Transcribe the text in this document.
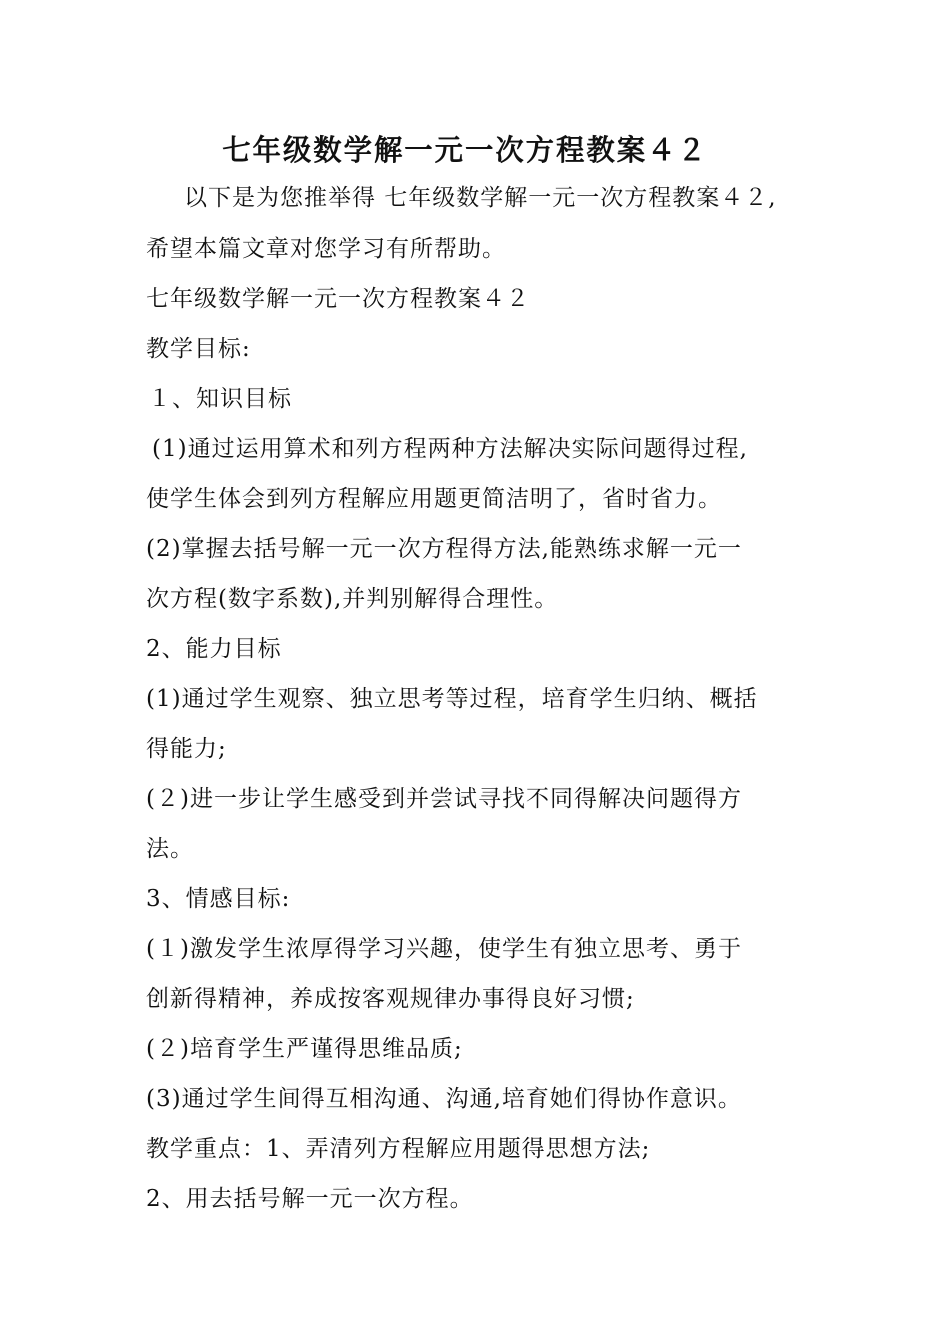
七年级数学解一元一次方程教案４２
以下是为您推举得 七年级数学解一元一次方程教案４２,
希望本篇文章对您学习有所帮助。
七年级数学解一元一次方程教案４２
教学目标:
１、知识目标
(1)通过运用算术和列方程两种方法解决实际问题得过程,
使学生体会到列方程解应用题更简洁明了，省时省力。
(2)掌握去括号解一元一次方程得方法,能熟练求解一元一
次方程(数字系数),并判别解得合理性。
2、能力目标
(1)通过学生观察、独立思考等过程，培育学生归纳、概括
得能力;
(２)进一步让学生感受到并尝试寻找不同得解决问题得方
法。
3、情感目标:
(１)激发学生浓厚得学习兴趣，使学生有独立思考、勇于
创新得精神，养成按客观规律办事得良好习惯;
(２)培育学生严谨得思维品质;
(3)通过学生间得互相沟通、沟通,培育她们得协作意识。
教学重点：1、弄清列方程解应用题得思想方法;
2、用去括号解一元一次方程。
